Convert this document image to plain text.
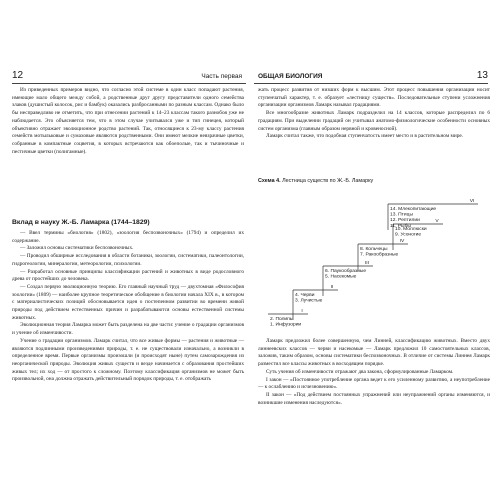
12	Часть первая

Из приведенных примеров видно, что согласно этой системе в один класс попадают растения, имеющие мало общего между собой, а родственные друг другу представители одного семейства злаков (душистый колосок, рис и бамбук) оказались разбросанными по разным классам. Однако было бы несправедливо не отметить, что при отнесении растений к 14–23 классам такого разнобоя уже не наблюдается. Это объясняется тем, что в этом случае учитывался уже и тип гинецея, который объективно отражает эволюционное родство растений. Так, относящиеся к 23-му классу растения семейств мотыльковые и сумаховые являются родственными. Они имеют мелкие невзрачные цветки, собранные в компактные соцветия, в которых встречаются как обоеполые, так и тычиночные и пестичные цветки (полигамные).

Вклад в науку Ж.-Б. Ламарка (1744–1829)

— Ввел термины «биология» (1802), «зоология беспозвоночных» (1794) и определил их содержание.

— Заложил основы систематики беспозвоночных.

— Проводил обширные исследования в области ботаники, зоологии, систематики, палеонтологии, гидрогеологии, минералогии, метеорологии, психологии.

— Разработал основные принципы классификации растений и животных в виде родословного древа от простейших до человека.

— Создал первую эволюционную теорию. Его главный научный труд — двухтомная «Философия зоологии» (1809) — наиболее крупное теоретическое обобщение в биологии начала XIX в., в котором с материалистических позиций обосновывается идея о постепенном развитии во времени живой природы под действием естественных причин и разрабатываются основы естественной системы животных.

Эволюционная теория Ламарка может быть разделена на две части: учение о градации организмов и учение об изменчивости.

Учение о градации организмов. Ламарк считал, что все живые формы — растения и животные — являются подлинными произведениями природы, т. е. не существовали изначально, а возникли в определенное время. Первые организмы произошли (и происходят ныне) путем самозарождения из неорганической природы. Эволюция живых существ и везде начинается с образования простейших живых тел; их ход — от простого к сложному. Поэтому классификация организмов не может быть произвольной, она должна отражать действительный порядок природы, т. е. отображать

ОБЩАЯ БИОЛОГИЯ	13

жать процесс развития от низших форм к высшим. Этот процесс повышения организации носит ступенчатый характер, т. е. образует «лестницу существ». Последовательные ступени усложнения организации организмов Ламарк называл градациями.

Все многообразие животных Ламарк подразделил на 14 классов, которые распределил по 6 градациям. При выделении градаций он учитывал анатомо-физиологические особенности основных систем организма (главным образом нервной и кровеносной).

Ламарк считал также, что подобная ступенчатость имеет место и в растительном мире.

Схема 4. Лестница существ по Ж.-Б. Ламарку
I
2. Полипы
1. Инфузории
II
4. Черви
3. Лучистые
III
6. Паукообразные
5. Насекомые
IV
8. Кольчецы
7. Ракообразные
V
10. Моллюски
9. Усоногие
VI
14. Млекопитающие
13. Птицы
12. Рептилии
11. Рыбы

Ламарк предложил более совершенную, чем Линней, классификацию животных. Вместо двух линнеевских классов — черви и насекомые — Ламарк предложил 10 самостоятельных классов, заложив, таким образом, основы систематики беспозвоночных. В отличие от системы Линнея Ламарк разместил все классы животных в восходящем порядке.

Суть учения об изменчивости отражают два закона, сформулированные Ламарком.

I закон — «Постоянное употребление органа ведет к его усиленному развитию, а неупотребление — к ослаблению и исчезновению».

II закон — «Под действием постоянных упражнений или неупражнений органы изменяются, и возникшие изменения наследуются».
